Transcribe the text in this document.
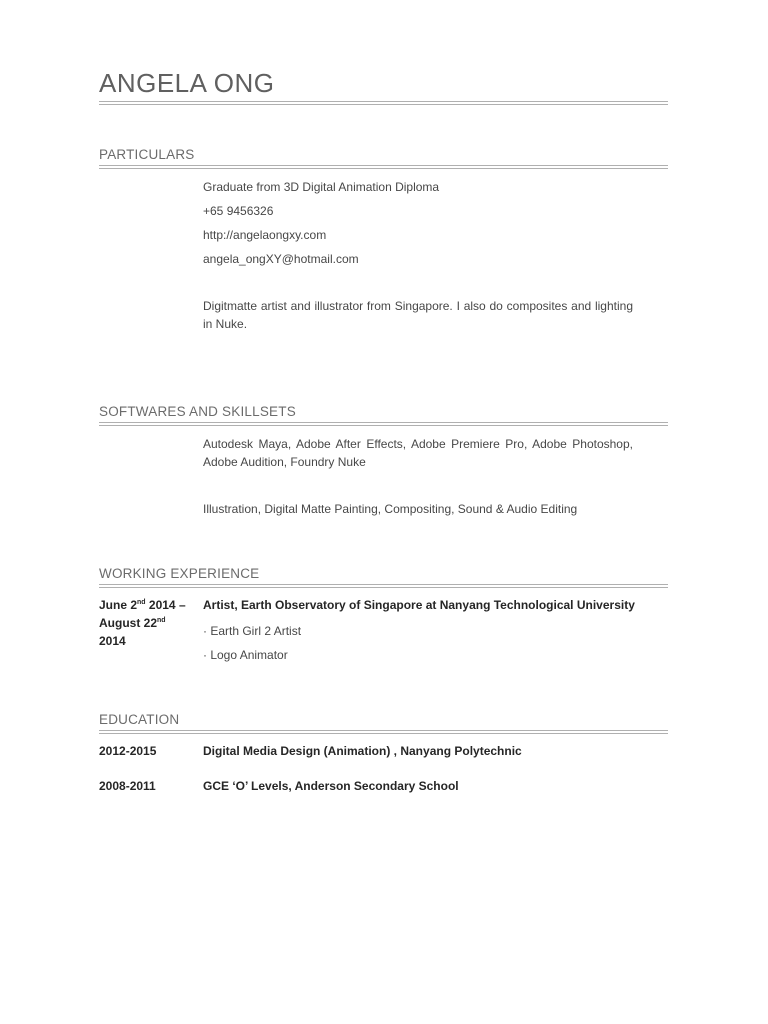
ANGELA ONG
PARTICULARS
Graduate from 3D Digital Animation Diploma
+65 9456326
http://angelaongxy.com
angela_ongXY@hotmail.com
Digitmatte artist and illustrator from Singapore. I also do composites and lighting in Nuke.
SOFTWARES AND SKILLSETS
Autodesk Maya, Adobe After Effects, Adobe Premiere Pro, Adobe Photoshop, Adobe Audition, Foundry Nuke
Illustration, Digital Matte Painting, Compositing, Sound & Audio Editing
WORKING EXPERIENCE
June 2nd 2014 –
August 22nd
2014
Artist, Earth Observatory of Singapore at Nanyang Technological University
· Earth Girl 2 Artist
· Logo Animator
EDUCATION
2012-2015	Digital Media Design (Animation) , Nanyang Polytechnic
2008-2011	GCE ‘O’ Levels, Anderson Secondary School
